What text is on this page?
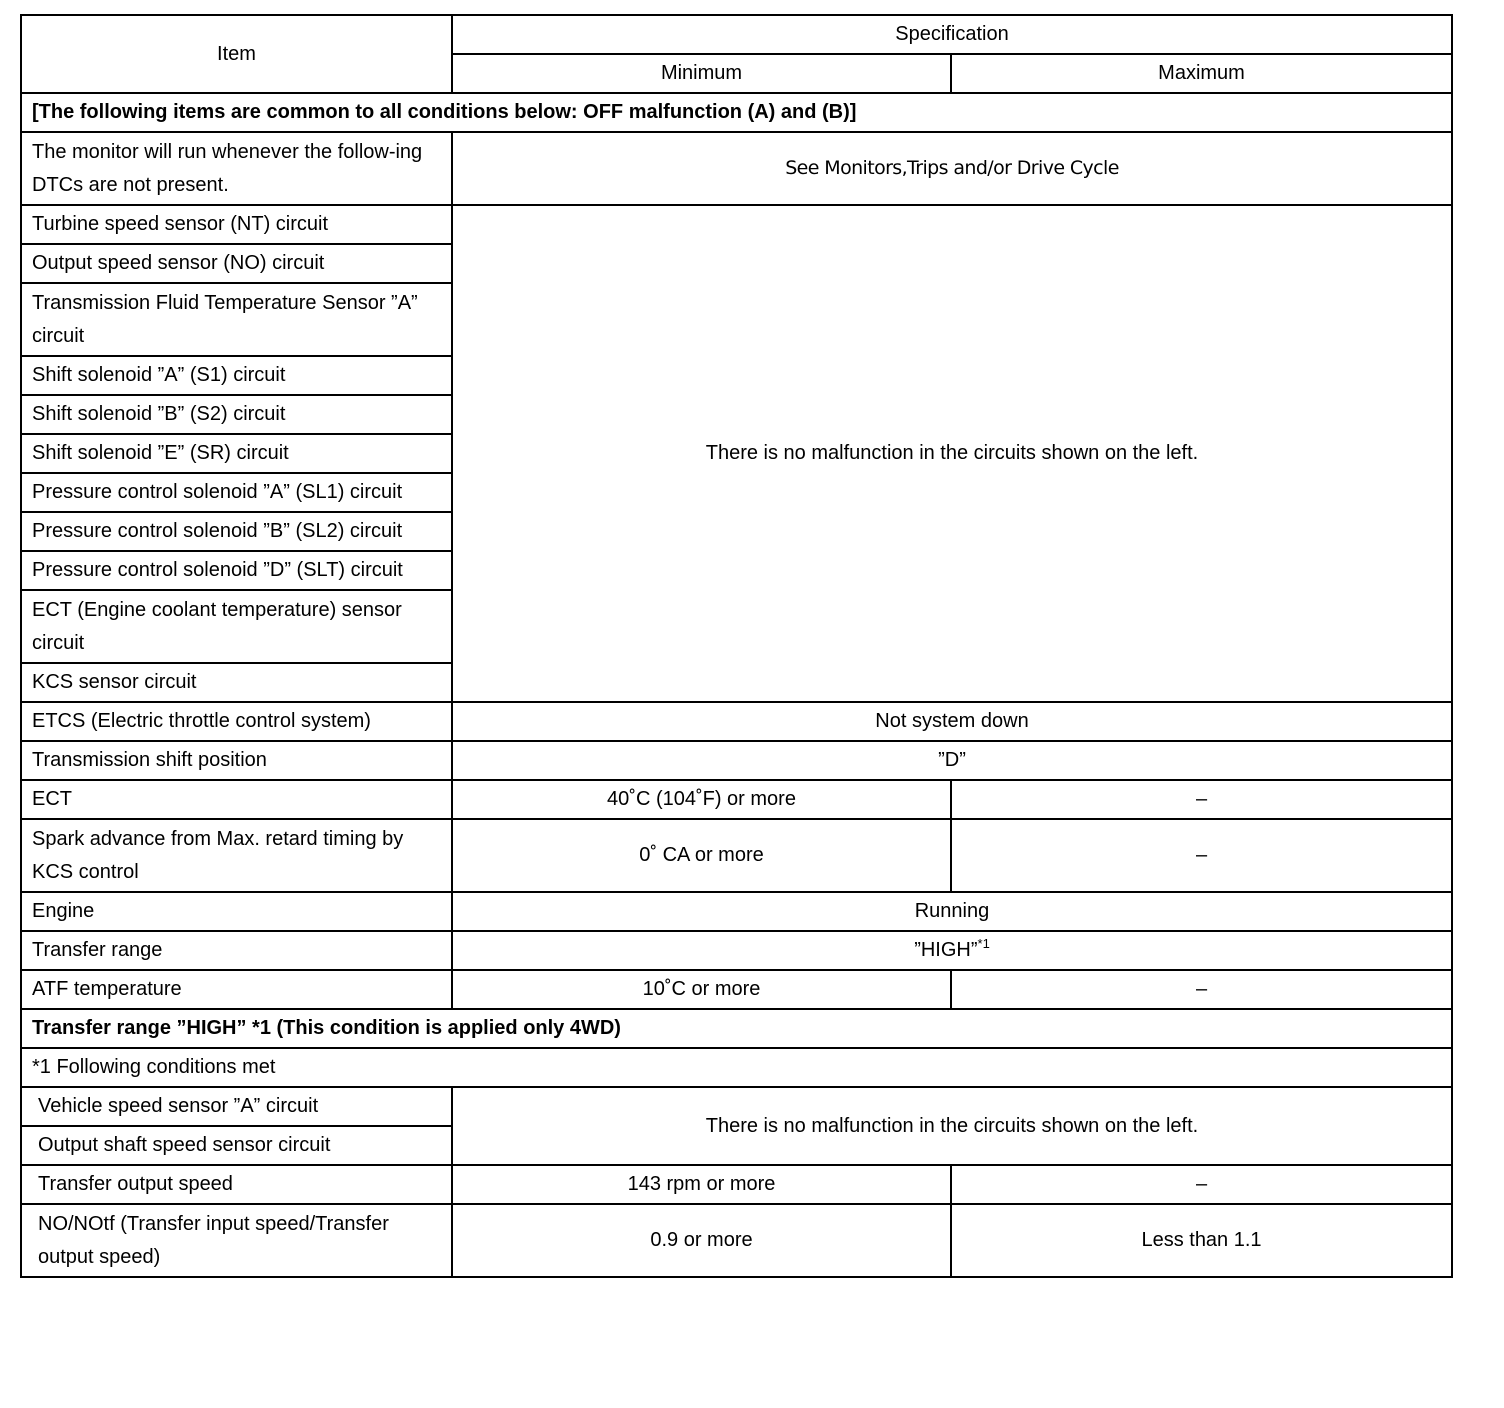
Item	Specification	
	Minimum	Maximum
[The following items are common to all conditions below: OFF malfunction (A) and (B)]		
The monitor will run whenever the follow-ing DTCs are not present.	See Monitors,Trips and/or Drive Cycle	
Turbine speed sensor (NT) circuit	There is no malfunction in the circuits shown on the left.	
Output speed sensor (NO) circuit		
Transmission Fluid Temperature Sensor ”A” circuit		
Shift solenoid ”A” (S1) circuit		
Shift solenoid ”B” (S2) circuit		
Shift solenoid ”E” (SR) circuit		
Pressure control solenoid ”A” (SL1) circuit		
Pressure control solenoid ”B” (SL2) circuit		
Pressure control solenoid ”D” (SLT) circuit		
ECT (Engine coolant temperature) sensor circuit		
KCS sensor circuit		
ETCS (Electric throttle control system)	Not system down	
Transmission shift position	”D”	
ECT	40˚C (104˚F) or more	–
Spark advance from Max. retard timing by KCS control	0˚ CA or more	–
Engine	Running	
Transfer range	”HIGH”$^{*1}$
ATF temperature	10˚C or more	–
Transfer range ”HIGH” *1 (This condition is applied only 4WD)		
*1 Following conditions met		
Vehicle speed sensor ”A” circuit	There is no malfunction in the circuits shown on the left.	
Output shaft speed sensor circuit		
Transfer output speed	143 rpm or more	–
NO/NOtf (Transfer input speed/Transfer output speed)	0.9 or more	Less than 1.1
